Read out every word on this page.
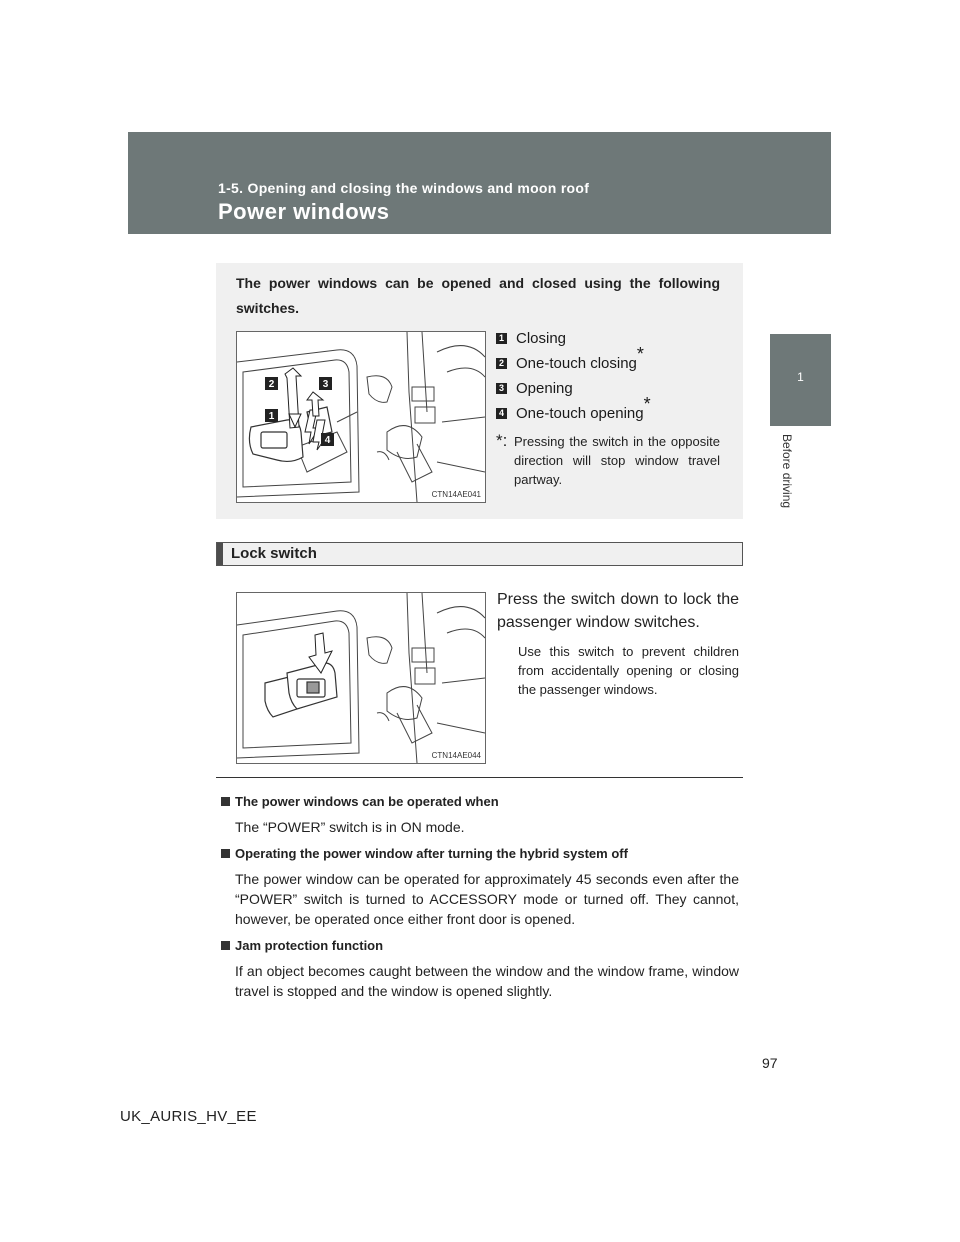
1-5. Opening and closing the windows and moon roof
Power windows
1
Before driving
The power windows can be opened and closed using the following switches.
2	3
1
4
CTN14AE041
1 Closing
2 One-touch closing*
3 Opening
4 One-touch opening*
*: Pressing the switch in the opposite direction will stop window travel partway.
Lock switch
CTN14AE044
Press the switch down to lock the passenger window switches.
Use this switch to prevent children from accidentally opening or closing the passenger windows.
The power windows can be operated when
The “POWER” switch is in ON mode.
Operating the power window after turning the hybrid system off
The power window can be operated for approximately 45 seconds even after the “POWER” switch is turned to ACCESSORY mode or turned off. They cannot, however, be operated once either front door is opened.
Jam protection function
If an object becomes caught between the window and the window frame, window travel is stopped and the window is opened slightly.
97
UK_AURIS_HV_EE
